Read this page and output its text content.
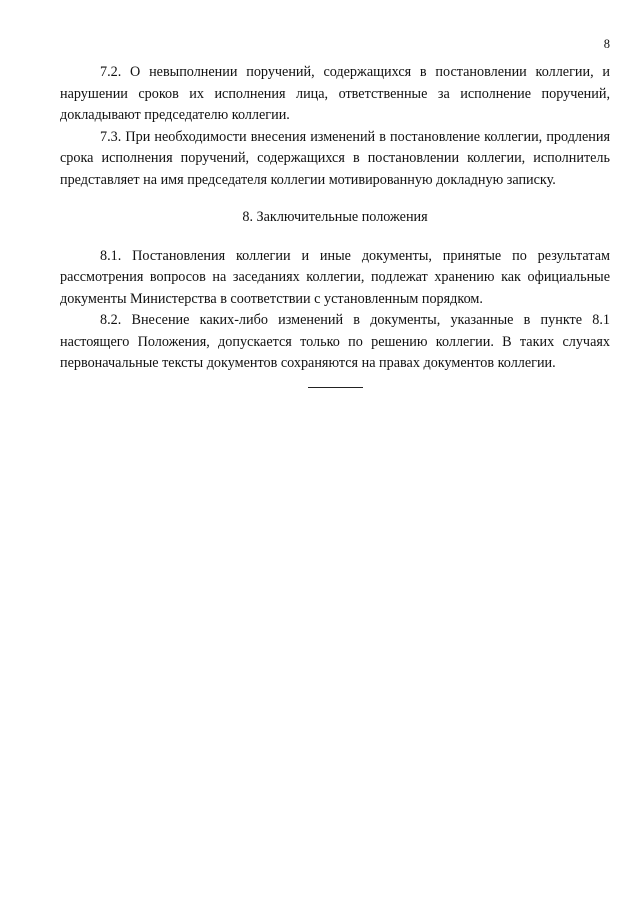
8

7.2. О невыполнении поручений, содержащихся в постановлении коллегии, и нарушении сроков их исполнения лица, ответственные за исполнение поручений, докладывают председателю коллегии.

7.3. При необходимости внесения изменений в постановление коллегии, продления срока исполнения поручений, содержащихся в постановлении коллегии, исполнитель представляет на имя председателя коллегии мотивированную докладную записку.

8. Заключительные положения

8.1. Постановления коллегии и иные документы, принятые по результатам рассмотрения вопросов на заседаниях коллегии, подлежат хранению как официальные документы Министерства в соответствии с установленным порядком.

8.2. Внесение каких-либо изменений в документы, указанные в пункте 8.1 настоящего Положения, допускается только по решению коллегии. В таких случаях первоначальные тексты документов сохраняются на правах документов коллегии.
